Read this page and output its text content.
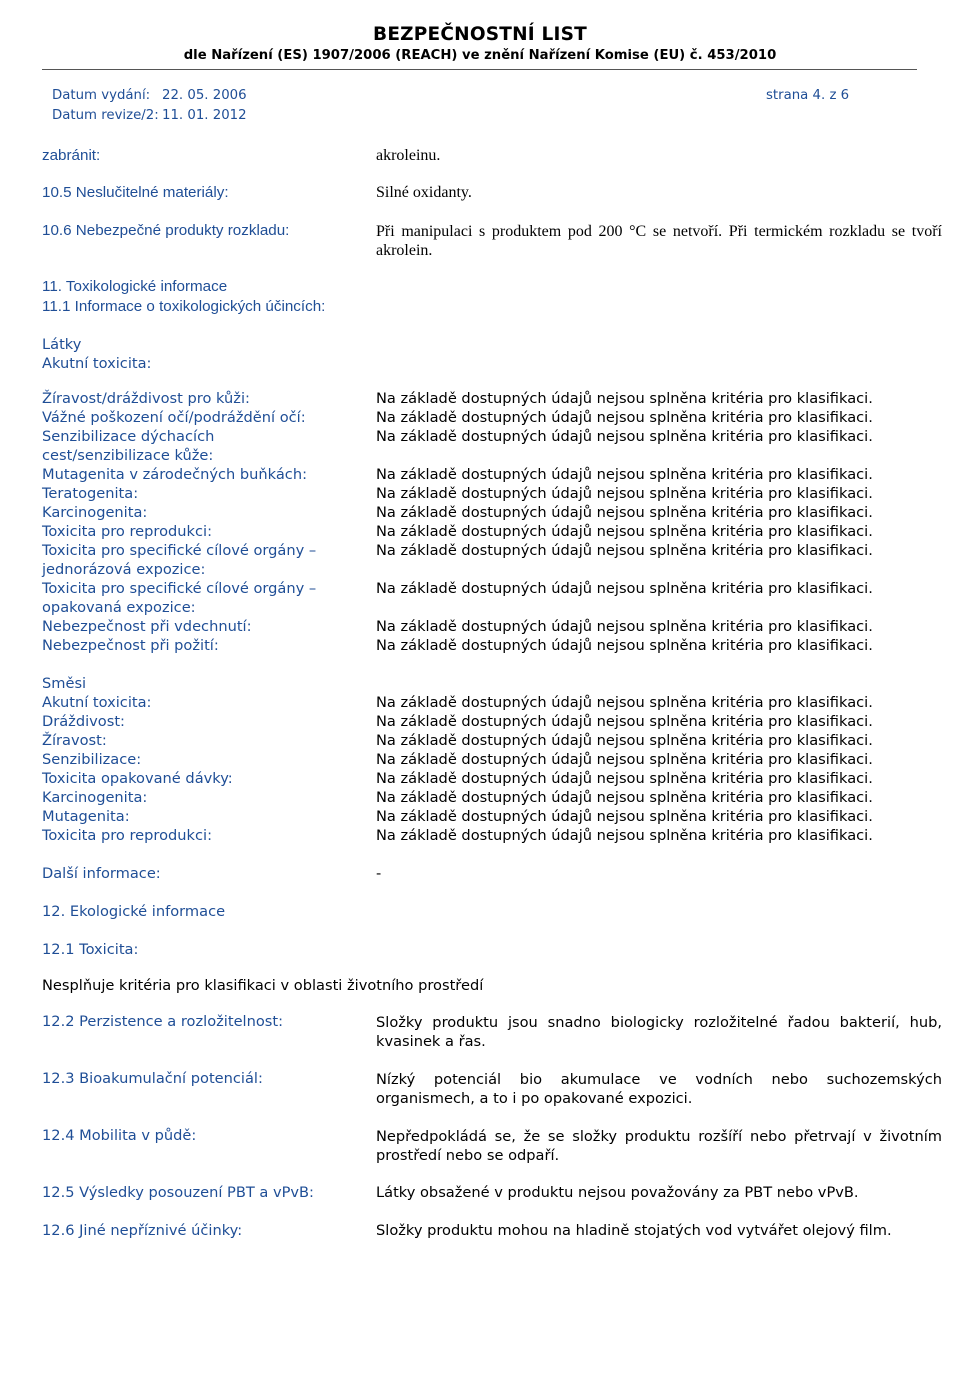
BEZPEČNOSTNÍ LIST
dle Nařízení (ES) 1907/2006 (REACH) ve znění Nařízení Komise (EU) č. 453/2010
Datum vydání: 22. 05. 2006
Datum revize/2: 11. 01. 2012
strana 4. z 6
zabránit:	akroleinu.
10.5 Neslučitelné materiály:	Silné oxidanty.
10.6 Nebezpečné produkty rozkladu:	Při manipulaci s produktem pod 200 °C se netvoří. Při termickém rozkladu se tvoří akrolein.
11. Toxikologické informace
11.1 Informace o toxikologických účincích:
Látky
Akutní toxicita:
Žíravost/dráždivost pro kůži:	Na základě dostupných údajů nejsou splněna kritéria pro klasifikaci.
Vážné poškození očí/podráždění očí:	Na základě dostupných údajů nejsou splněna kritéria pro klasifikaci.
Senzibilizace dýchacích	Na základě dostupných údajů nejsou splněna kritéria pro klasifikaci.
cest/senzibilizace kůže:
Mutagenita v zárodečných buňkách:	Na základě dostupných údajů nejsou splněna kritéria pro klasifikaci.
Teratogenita:	Na základě dostupných údajů nejsou splněna kritéria pro klasifikaci.
Karcinogenita:	Na základě dostupných údajů nejsou splněna kritéria pro klasifikaci.
Toxicita pro reprodukci:	Na základě dostupných údajů nejsou splněna kritéria pro klasifikaci.
Toxicita pro specifické cílové orgány –	Na základě dostupných údajů nejsou splněna kritéria pro klasifikaci.
jednorázová expozice:
Toxicita pro specifické cílové orgány –	Na základě dostupných údajů nejsou splněna kritéria pro klasifikaci.
opakovaná expozice:
Nebezpečnost při vdechnutí:	Na základě dostupných údajů nejsou splněna kritéria pro klasifikaci.
Nebezpečnost při požití:	Na základě dostupných údajů nejsou splněna kritéria pro klasifikaci.
Směsi
Akutní toxicita:	Na základě dostupných údajů nejsou splněna kritéria pro klasifikaci.
Dráždivost:	Na základě dostupných údajů nejsou splněna kritéria pro klasifikaci.
Žíravost:	Na základě dostupných údajů nejsou splněna kritéria pro klasifikaci.
Senzibilizace:	Na základě dostupných údajů nejsou splněna kritéria pro klasifikaci.
Toxicita opakované dávky:	Na základě dostupných údajů nejsou splněna kritéria pro klasifikaci.
Karcinogenita:	Na základě dostupných údajů nejsou splněna kritéria pro klasifikaci.
Mutagenita:	Na základě dostupných údajů nejsou splněna kritéria pro klasifikaci.
Toxicita pro reprodukci:	Na základě dostupných údajů nejsou splněna kritéria pro klasifikaci.
Další informace:	-
12. Ekologické informace
12.1 Toxicita:
Nesplňuje kritéria pro klasifikaci v oblasti životního prostředí
12.2 Perzistence a rozložitelnost:	Složky produktu jsou snadno biologicky rozložitelné řadou bakterií, hub, kvasinek a řas.
12.3 Bioakumulační potenciál:	Nízký potenciál bio akumulace ve vodních nebo suchozemských organismech, a to i po opakované expozici.
12.4 Mobilita v půdě:	Nepředpokládá se, že se složky produktu rozšíří nebo přetrvají v životním prostředí nebo se odpaří.
12.5 Výsledky posouzení PBT a vPvB:	Látky obsažené v produktu nejsou považovány za PBT nebo vPvB.
12.6 Jiné nepříznivé účinky:	Složky produktu mohou na hladině stojatých vod vytvářet olejový film.
